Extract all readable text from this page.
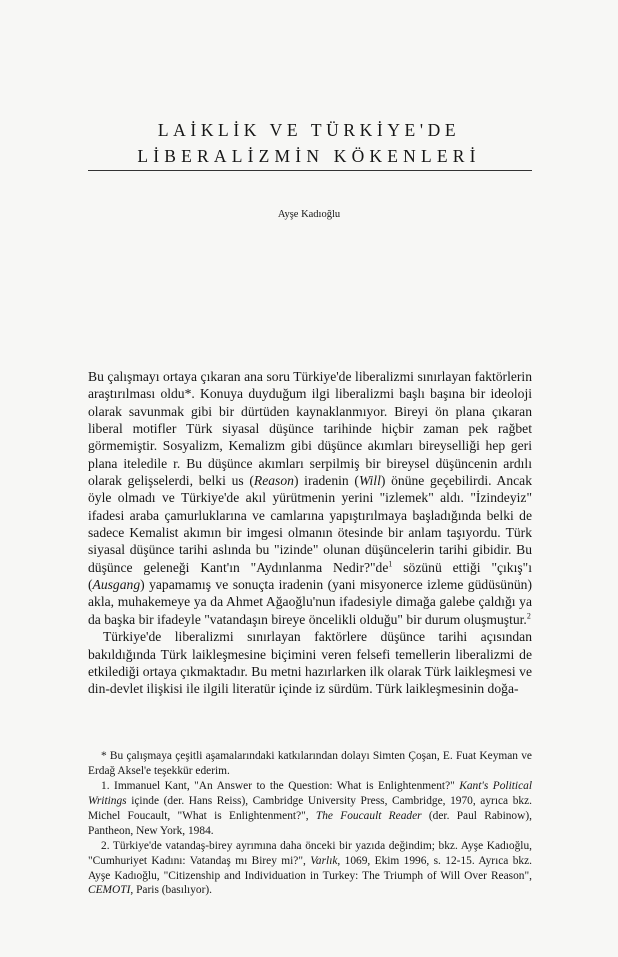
LAİKLİK VE TÜRKİYE'DE
LİBERALİZMİN KÖKENLERİ
Ayşe Kadıoğlu

Bu çalışmayı ortaya çıkaran ana soru Türkiye'de liberalizmi sınırlayan faktörlerin araştırılması oldu*. Konuya duyduğum ilgi liberalizmi başlı başına bir ideoloji olarak savunmak gibi bir dürtüden kaynaklanmıyor. Bireyi ön plana çıkaran liberal motifler Türk siyasal düşünce tarihinde hiçbir zaman pek rağbet görmemiştir. Sosyalizm, Kemalizm gibi düşünce akımları bireyselliği hep geri plana iteledile r. Bu düşünce akımları serpilmiş bir bireysel düşüncenin ardılı olarak gelişselerdi, belki us (Reason) iradenin (Will) önüne geçebilirdi. Ancak öyle olmadı ve Türkiye'de akıl yürütmenin yerini "izlemek" aldı. "İzindeyiz" ifadesi araba çamurluklarına ve camlarına yapıştırılmaya başladığında belki de sadece Kemalist akımın bir imgesi olmanın ötesinde bir anlam taşıyordu. Türk siyasal düşünce tarihi aslında bu "izinde" olunan düşüncelerin tarihi gibidir. Bu düşünce geleneği Kant'ın "Aydınlanma $Nedir?"de^1$ sözünü ettiği "çıkış"ı (Ausgang) yapamamış ve sonuçta iradenin (yani misyonerce izleme güdüsünün) akla, muhakemeye ya da Ahmet Ağaoğlu'nun ifadesiyle dimağa galebe çaldığı ya da başka bir ifadeyle "vatandaşın bireye öncelikli olduğu" bir durum oluşmuştur.$^2$

Türkiye'de liberalizmi sınırlayan faktörlere düşünce tarihi açısından bakıldığında Türk laikleşmesine biçimini veren felsefi temellerin liberalizmi de etkilediği ortaya çıkmaktadır. Bu metni hazırlarken ilk olarak Türk laikleşmesi ve din-devlet ilişkisi ile ilgili literatür içinde iz sürdüm. Türk laikleşmesinin doğa-

* Bu çalışmaya çeşitli aşamalarındaki katkılarından dolayı Simten Çoşan, E. Fuat Keyman ve Erdağ Aksel'e teşekkür ederim.

1. Immanuel Kant, "An Answer to the Question: What is Enlightenment?" Kant's Political Writings içinde (der. Hans Reiss), Cambridge University Press, Cambridge, 1970, ayrıca bkz. Michel Foucault, "What is Enlightenment?", The Foucault Reader (der. Paul Rabinow), Pantheon, New York, 1984.

2. Türkiye'de vatandaş-birey ayrımına daha önceki bir yazıda değindim; bkz. Ayşe Kadıoğlu, "Cumhuriyet Kadını: Vatandaş mı Birey mi?", Varlık, 1069, Ekim 1996, s. 12-15. Ayrıca bkz. Ayşe Kadıoğlu, "Citizenship and Individuation in Turkey: The Triumph of Will Over Reason", CEMOTI, Paris (basılıyor).
